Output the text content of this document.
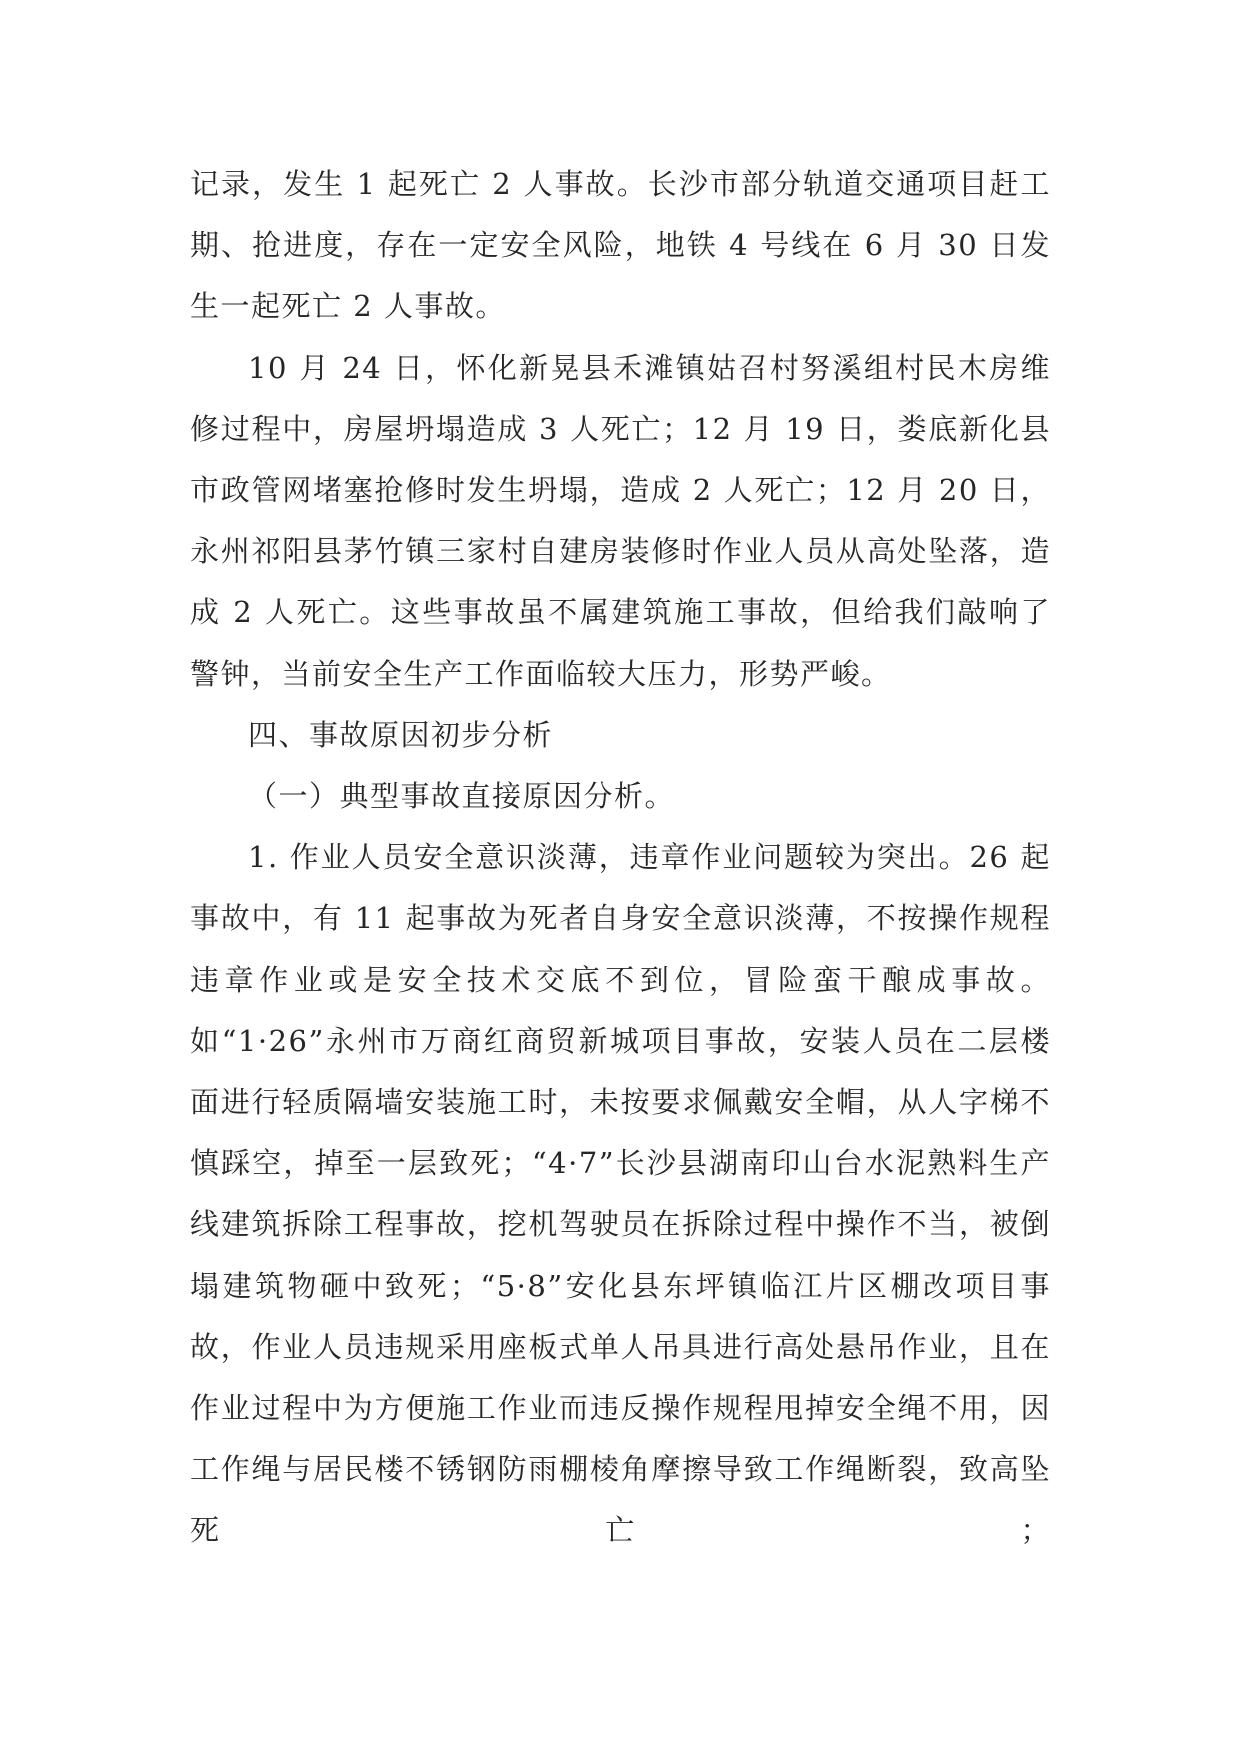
记录，发生 1 起死亡 2 人事故。长沙市部分轨道交通项目赶工期、抢进度，存在一定安全风险，地铁 4 号线在 6 月 30 日发生一起死亡 2 人事故。

10 月 24 日，怀化新晃县禾滩镇姑召村努溪组村民木房维修过程中，房屋坍塌造成 3 人死亡；12 月 19 日，娄底新化县市政管网堵塞抢修时发生坍塌，造成 2 人死亡；12 月 20 日，永州祁阳县茅竹镇三家村自建房装修时作业人员从高处坠落，造成 2 人死亡。这些事故虽不属建筑施工事故，但给我们敲响了警钟，当前安全生产工作面临较大压力，形势严峻。

四、事故原因初步分析

（一）典型事故直接原因分析。

1. 作业人员安全意识淡薄，违章作业问题较为突出。26 起事故中，有 11 起事故为死者自身安全意识淡薄，不按操作规程违章作业或是安全技术交底不到位，冒险蛮干酿成事故。如“1·26”永州市万商红商贸新城项目事故，安装人员在二层楼面进行轻质隔墙安装施工时，未按要求佩戴安全帽，从人字梯不慎踩空，掉至一层致死；“4·7”长沙县湖南印山台水泥熟料生产线建筑拆除工程事故，挖机驾驶员在拆除过程中操作不当，被倒塌建筑物砸中致死；“5·8”安化县东坪镇临江片区棚改项目事故，作业人员违规采用座板式单人吊具进行高处悬吊作业，且在作业过程中为方便施工作业而违反操作规程甩掉安全绳不用，因工作绳与居民楼不锈钢防雨棚棱角摩擦导致工作绳断裂，致高坠死亡；
